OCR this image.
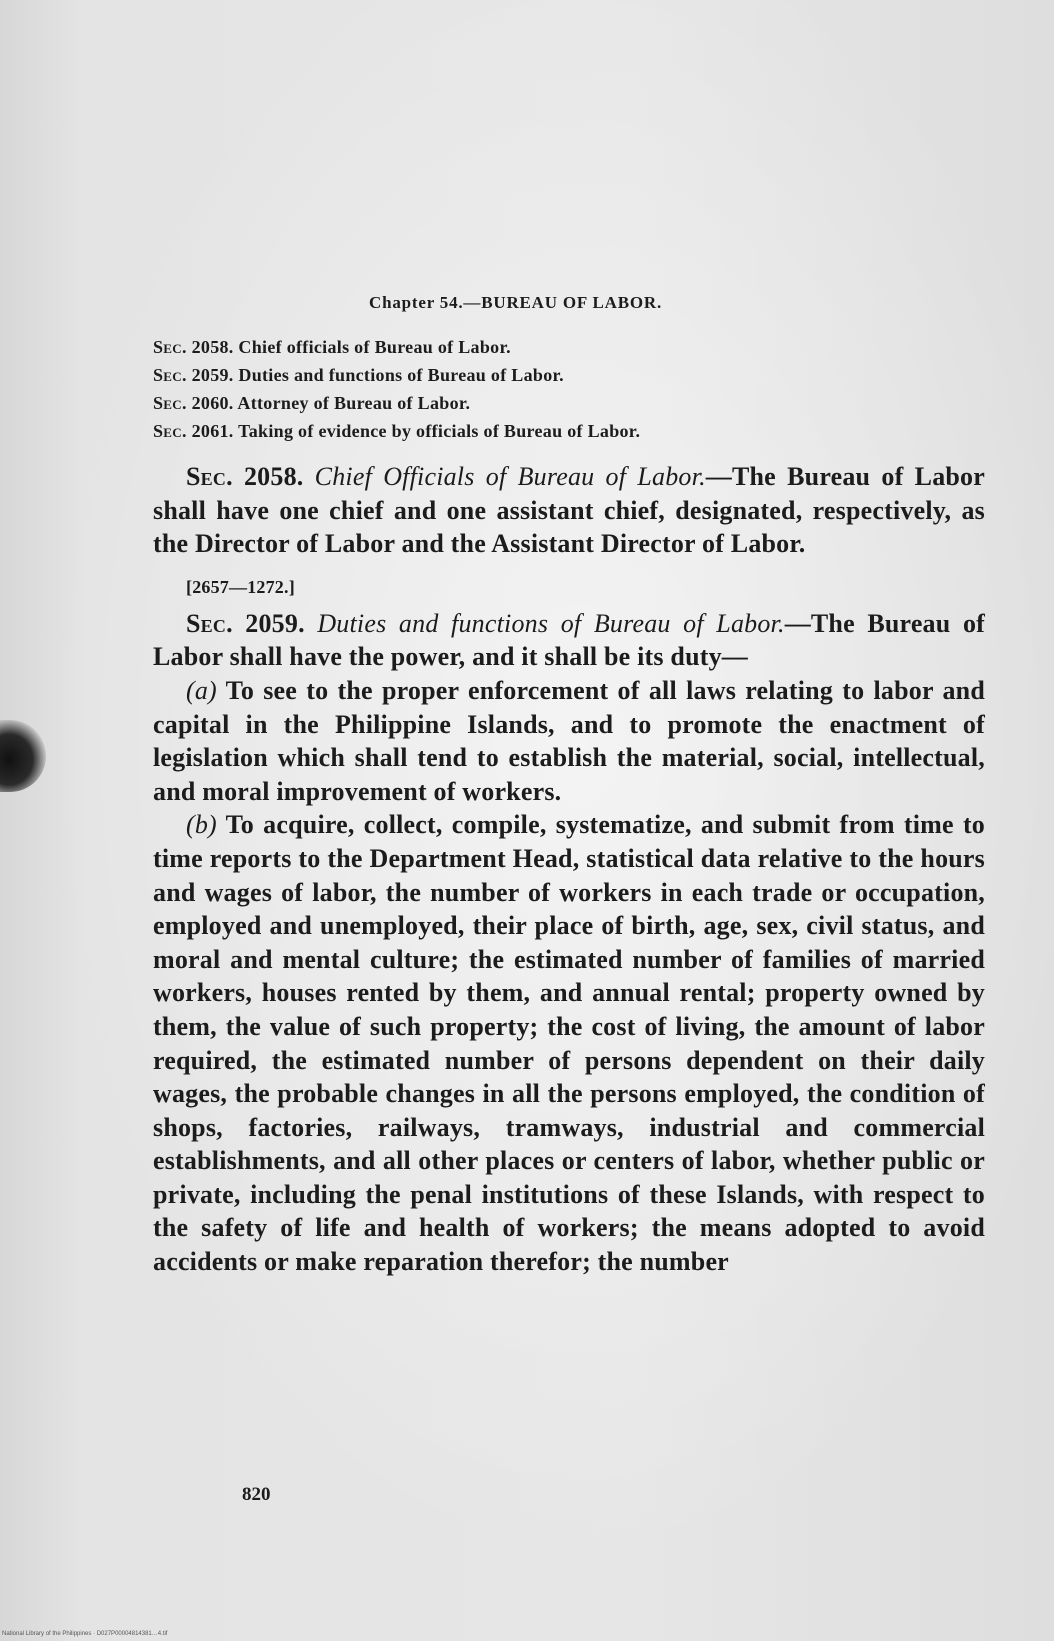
Chapter 54.—BUREAU OF LABOR.
Sec. 2058. Chief officials of Bureau of Labor.
Sec. 2059. Duties and functions of Bureau of Labor.
Sec. 2060. Attorney of Bureau of Labor.
Sec. 2061. Taking of evidence by officials of Bureau of Labor.

Sec. 2058. Chief Officials of Bureau of Labor.—The Bureau of Labor shall have one chief and one assistant chief, designated, respectively, as the Director of Labor and the Assistant Director of Labor.

[2657—1272.]

Sec. 2059. Duties and functions of Bureau of Labor.—The Bureau of Labor shall have the power, and it shall be its duty—

(a) To see to the proper enforcement of all laws relating to labor and capital in the Philippine Islands, and to promote the enactment of legislation which shall tend to establish the material, social, intellectual, and moral improvement of workers.

(b) To acquire, collect, compile, systematize, and submit from time to time reports to the Department Head, statistical data relative to the hours and wages of labor, the number of workers in each trade or occupation, employed and unemployed, their place of birth, age, sex, civil status, and moral and mental culture; the estimated number of families of married workers, houses rented by them, and annual rental; property owned by them, the value of such property; the cost of living, the amount of labor required, the estimated number of persons dependent on their daily wages, the probable changes in all the persons employed, the condition of shops, factories, railways, tramways, industrial and commercial establishments, and all other places or centers of labor, whether public or private, including the penal institutions of these Islands, with respect to the safety of life and health of workers; the means adopted to avoid accidents or make reparation therefor; the number

820
National Library of the Philippines · D027P00004814381…4.tif
